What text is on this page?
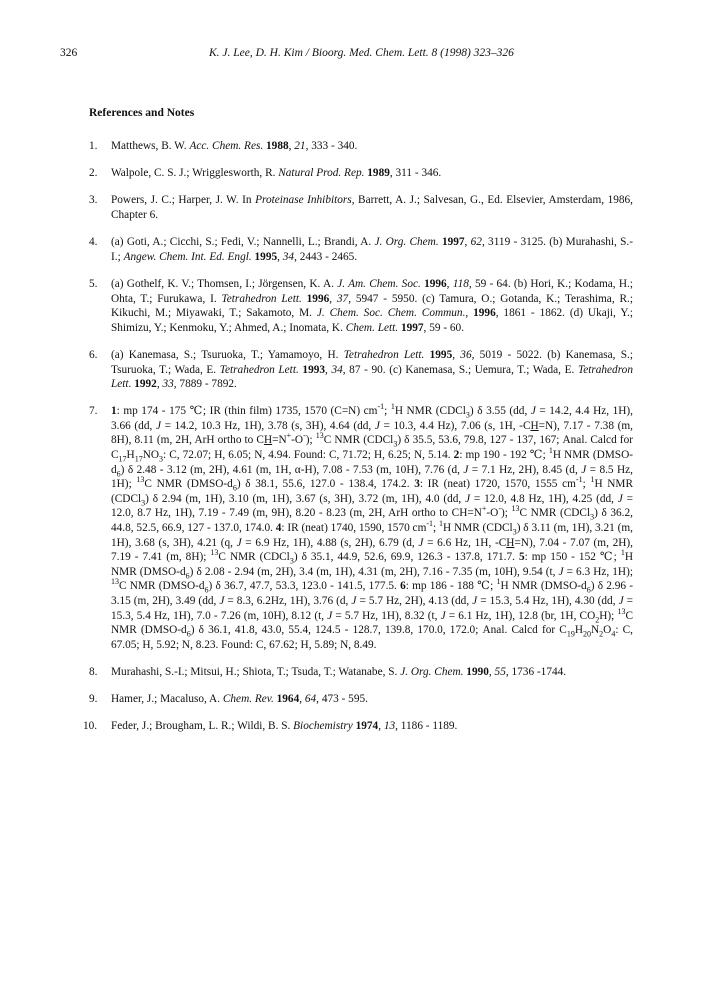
326	K. J. Lee, D. H. Kim / Bioorg. Med. Chem. Lett. 8 (1998) 323–326
References and Notes
1. Matthews, B. W. Acc. Chem. Res. 1988, 21, 333 - 340.

2. Walpole, C. S. J.; Wrigglesworth, R. Natural Prod. Rep. 1989, 311 - 346.

3. Powers, J. C.; Harper, J. W. In Proteinase Inhibitors, Barrett, A. J.; Salvesan, G., Ed. Elsevier, Amsterdam, 1986, Chapter 6.

4. (a) Goti, A.; Cicchi, S.; Fedi, V.; Nannelli, L.; Brandi, A. J. Org. Chem. 1997, 62, 3119 - 3125. (b) Murahashi, S.-I.; Angew. Chem. Int. Ed. Engl. 1995, 34, 2443 - 2465.

5. (a) Gothelf, K. V.; Thomsen, I.; Jörgensen, K. A. J. Am. Chem. Soc. 1996, 118, 59 - 64. (b) Hori, K.; Kodama, H.; Ohta, T.; Furukawa, I. Tetrahedron Lett. 1996, 37, 5947 - 5950. (c) Tamura, O.; Gotanda, K.; Terashima, R.; Kikuchi, M.; Miyawaki, T.; Sakamoto, M. J. Chem. Soc. Chem. Commun., 1996, 1861 - 1862. (d) Ukaji, Y.; Shimizu, Y.; Kenmoku, Y.; Ahmed, A.; Inomata, K. Chem. Lett. 1997, 59 - 60.

6. (a) Kanemasa, S.; Tsuruoka, T.; Yamamoyo, H. Tetrahedron Lett. 1995, 36, 5019 - 5022. (b) Kanemasa, S.; Tsuruoka, T.; Wada, E. Tetrahedron Lett. 1993, 34, 87 - 90. (c) Kanemasa, S.; Uemura, T.; Wada, E. Tetrahedron Lett. 1992, 33, 7889 - 7892.

7. 1: mp 174 - 175 ℃; IR (thin film) 1735, 1570 (C=N) $cm^{-1}$; $^1$H NMR (CDCl$_3$) δ 3.55 (dd, J = 14.2, 4.4 Hz, 1H), 3.66 (dd, J = 14.2, 10.3 Hz, 1H), 3.78 (s, 3H), 4.64 (dd, J = 10.3, 4.4 Hz), 7.06 (s, 1H, -CH=N), 7.17 - 7.38 (m, 8H), 8.11 (m, 2H, ArH ortho to CH=N+-O-); $^{13}$C NMR (CDCl$_3$) δ 35.5, 53.6, 79.8, 127 - 137, 167; Anal. Calcd for $C_{17}H_{17}NO_3$: C, 72.07; H, 6.05; N, 4.94. Found: C, 71.72; H, 6.25; N, 5.14. 2: mp 190 - 192 ℃; $^1$H NMR $(DMSO-d_6)$ δ 2.48 - 3.12 (m, 2H), 4.61 (m, 1H, α-H), 7.08 - 7.53 (m, 10H), 7.76 (d, J = 7.1 Hz, 2H), 8.45 (d, J = 8.5 Hz, 1H); $^{13}$C NMR $(DMSO-d_6)$ δ 38.1, 55.6, 127.0 - 138.4, 174.2. 3: IR (neat) 1720, 1570, 1555 $cm^{-1}$; $^1$H NMR (CDCl$_3$) δ 2.94 (m, 1H), 3.10 (m, 1H), 3.67 (s, 3H), 3.72 (m, 1H), 4.0 (dd, J = 12.0, 4.8 Hz, 1H), 4.25 (dd, J = 12.0, 8.7 Hz, 1H), 7.19 - 7.49 (m, 9H), 8.20 - 8.23 (m, 2H, ArH ortho to CH=N+-O-); $^{13}$C NMR (CDCl$_3$) δ 36.2, 44.8, 52.5, 66.9, 127 - 137.0, 174.0. 4: IR (neat) 1740, 1590, 1570 $cm^{-1}$; $^1$H NMR (CDCl$_3$) δ 3.11 (m, 1H), 3.21 (m, 1H), 3.68 (s, 3H), 4.21 (q, J = 6.9 Hz, 1H), 4.88 (s, 2H), 6.79 (d, J = 6.6 Hz, 1H, -CH=N), 7.04 - 7.07 (m, 2H), 7.19 - 7.41 (m, 8H); $^{13}$C NMR (CDCl$_3$) δ 35.1, 44.9, 52.6, 69.9, 126.3 - 137.8, 171.7. 5: mp 150 - 152 ℃; $^1$H NMR $(DMSO-d_6)$ δ 2.08 - 2.94 (m, 2H), 3.4 (m, 1H), 4.31 (m, 2H), 7.16 - 7.35 (m, 10H), 9.54 (t, J = 6.3 Hz, 1H); $^{13}$C NMR $(DMSO-d_6)$ δ 36.7, 47.7, 53.3, 123.0 - 141.5, 177.5. 6: mp 186 - 188 ℃; $^1$H NMR $(DMSO-d_6)$ δ 2.96 - 3.15 (m, 2H), 3.49 (dd, J = 8.3, 6.2Hz, 1H), 3.76 (d, J = 5.7 Hz, 2H), 4.13 (dd, J = 15.3, 5.4 Hz, 1H), 4.30 (dd, J = 15.3, 5.4 Hz, 1H), 7.0 - 7.26 (m, 10H), 8.12 (t, J = 5.7 Hz, 1H), 8.32 (t, J = 6.1 Hz, 1H), 12.8 (br, 1H, $CO_2H$); $^{13}$C NMR $(DMSO-d_6)$ δ 36.1, 41.8, 43.0, 55.4, 124.5 - 128.7, 139.8, 170.0, 172.0; Anal. Calcd for $C_{19}H_{20}N_2O_4$: C, 67.05; H, 5.92; N, 8.23. Found: C, 67.62; H, 5.89; N, 8.49.

8. Murahashi, S.-I.; Mitsui, H.; Shiota, T.; Tsuda, T.; Watanabe, S. J. Org. Chem. 1990, 55, 1736 -1744.

9. Hamer, J.; Macaluso, A. Chem. Rev. 1964, 64, 473 - 595.

10. Feder, J.; Brougham, L. R.; Wildi, B. S. Biochemistry 1974, 13, 1186 - 1189.
